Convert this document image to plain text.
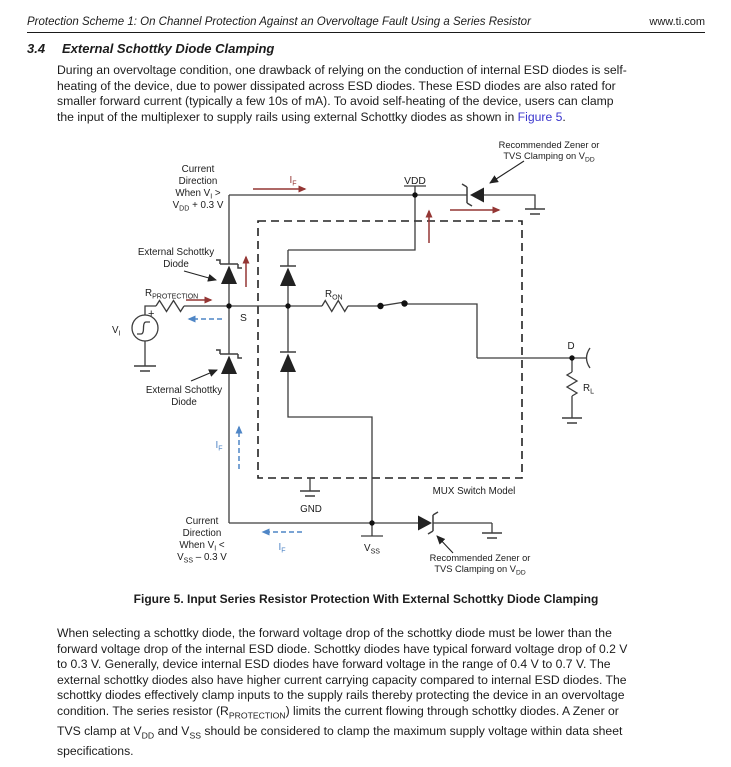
Protection Scheme 1: On Channel Protection Against an Overvoltage Fault Using a Series Resistor	www.ti.com
3.4 External Schottky Diode Clamping
During an overvoltage condition, one drawback of relying on the conduction of internal ESD diodes is self-
heating of the device, due to power dissipated across ESD diodes. These ESD diodes are also rated for
smaller forward current (typically a few 10s of mA). To avoid self-heating of the device, users can clamp
the input of the multiplexer to supply rails using external Schottky diodes as shown in Figure 5.
Current
Direction
When $V_I$ >
$V_{DD} + 0.3$ V
$I_F$	VDD
Recommended Zener or
TVS Clamping on $V_{DD}$
External Schottky
Diode
$R_{PROTECTION}$
+
$V_I$
S
$R_{ON}$
D
$R_L$
MUX Switch Model
GND
$V_{SS}$
$I_F$
$I_F$
External Schottky
Diode
Current
Direction
When $V_I$ <
$V_{SS} - 0.3$ V	Recommended Zener or
TVS Clamping on $V_{DD}$
Figure 5. Input Series Resistor Protection With External Schottky Diode Clamping
When selecting a schottky diode, the forward voltage drop of the schottky diode must be lower than the
forward voltage drop of the internal ESD diode. Schottky diodes have typical forward voltage drop of 0.2 V
to 0.3 V. Generally, device internal ESD diodes have forward voltage in the range of 0.4 V to 0.7 V. The
external schottky diodes also have higher current carrying capacity compared to internal ESD diodes. The
schottky diodes effectively clamp inputs to the supply rails thereby protecting the device in an overvoltage
condition. The series resistor $(R_{PROTECTION})$ limits the current flowing through schottky diodes. A Zener or
TVS clamp at $V_{DD}$ and $V_{SS}$ should be considered to clamp the maximum supply voltage within data sheet
specifications.
